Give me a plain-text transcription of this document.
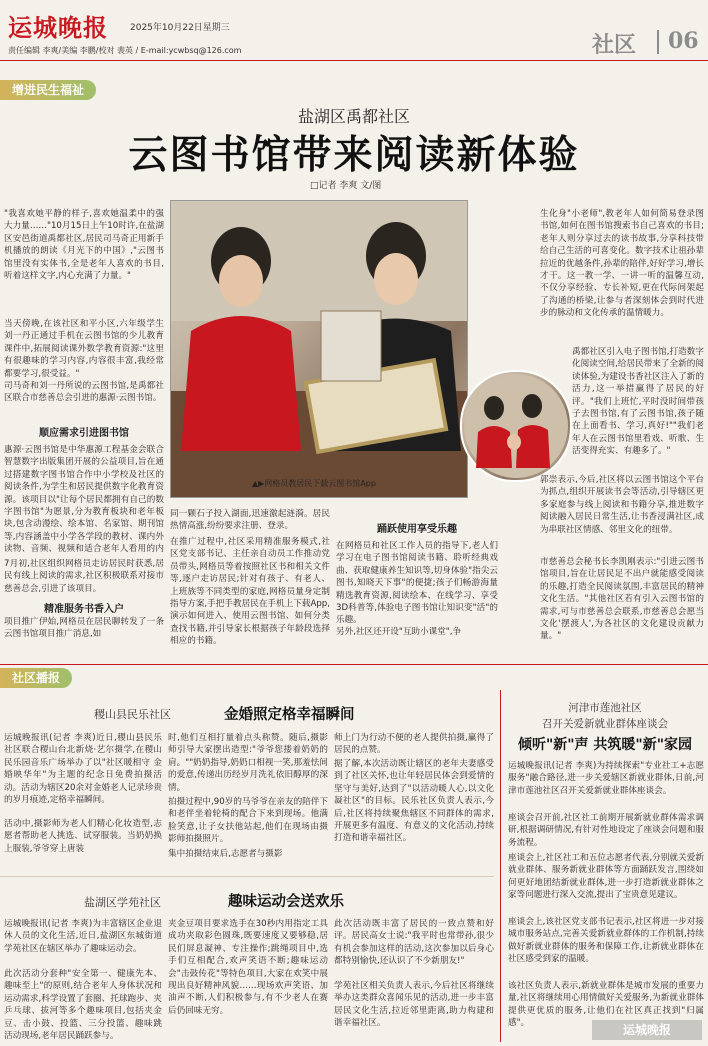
运城晚报	2025年10月22日星期三
责任编辑 李爽/美编 李鹏/校对 裴英 / E-mail:ycwbsq@126.com	社区 06
增进民生福祉
盐湖区禹都社区
云图书馆带来阅读新体验
□记者 李爽 文/图
"我喜欢她平静的样子,喜欢她温柔中的强大力量……"10月15日上午10时许,在盐湖区安邑街道禹都社区,居民司马奇正用新手机播放的朗读《月光下的中国》,"云图书馆里没有实体书,全是老年人喜欢的书目,听着这样文字,内心充满了力量。"
当天傍晚,在该社区和平小区,六年级学生刘一丹正通过手机在云图书馆的少儿教育课件中,拓展阅读课外数学教育资源:"这里有很趣味的学习内容,内容很丰富,我经常都要学习,很受益。"
司马奇和刘一丹所说的云图书馆,是禹都社区联合市慈善总会引进的惠源·云图书馆。
顺应需求引进图书馆
惠源·云图书馆是中华惠源工程基金会联合智慧数字出版集团开展的公益项目,旨在通过搭建数字图书馆合作中小学校及社区的阅读条件,为学生和居民提供数字化教育资源。该项目以"让每个居民都拥有自己的数字图书馆"为愿景,分为教育板块和老年板块,包含动漫绘、绘本馆、名家馆、期刊馆等,内容涵盖中小学各学段的教材、课内外读物、音频、视频和适合老年人看用的内
7月初,社区组织网格员走访居民时获悉,居民有线上阅读的需求,社区积极联系对接市慈善总会,引进了该项目。
精准服务书香入户
项目推广伊始,网格员在居民聊转发了一条云图书馆项目推广消息,如
▲▶网格员教居民下载云图书馆App
同一颗石子投入湖面,迅速激起涟漪。居民热情高涨,纷纷要求注册、登录。
在推广过程中,社区采用精准服务模式,社区党支部书记、主任亲自动员工作推动党员带头,网格员等着按照社区书和相关文件等,逐户走访居民;针对有孩子、有老人、上班族等不同类型的家庭,网格员量身定制指导方案,手把手教居民在手机上下载App,演示如何进入、使用云图书馆、如何分类查找书籍,并引导家长根据孩子年龄段选择相应的书籍。
踊跃使用享受乐趣
在网格员和社区工作人员的指导下,老人们学习在电子图书馆阅读书籍、聆听经典戏曲、获取健康养生知识等,切身体验"指尖云图书,知晓天下事"的便捷;孩子们畅游海量精选教育资源,阅读绘本、在线学习、享受3D科普等,体验电子图书馆让知识变"活"的乐趣。
另外,社区还开设"互助小课堂",争
生化身"小老师",教老年人如何简易登录图书馆,如何在图书馆搜索书自己喜欢的书目;老年人则分享过去的读书故事,分享科技带给自己生活的可喜变化。数字技术让祖孙辈拉近的优越条件,孙辈的陪伴,好好学习,增长才干。这一教一学、一讲一听的温馨互动,不仅分享经验、专长补短,更在代际间架起了沟通的桥梁,让参与者深刻体会到时代进步的脉动和文化传承的温情暖力。
禹都社区引入电子图书馆,打造数字化阅读空间,给居民带来了全新的阅读体验,为建设书香社区注入了新的活力,这一举措赢得了居民的好评。"我们上班忙,平时没时间带孩子去图书馆,有了云图书馆,孩子随在上面看书、学习,真好!""我们老年人在云图书馆里看戏、听歌、生活变得充实、有趣多了。"
郭崇表示,今后,社区将以云图书馆这个平台为抓点,组织开展读书会等活动,引导辖区更多家庭参与线上阅读和书籍分享,推进数字阅读融入居民日常生活,让书香浸满社区,成为串联社区情感、邻里文化的纽带。
市慈善总会秘书长李凯刚表示:"引进云图书馆项目,旨在让居民足不出户就能感受阅读的乐趣,打造全民阅读氛围,丰富居民的精神文化生活。"其他社区若有引入云图书馆的需求,可与市慈善总会联系,市慈善总会愿当文化'摆渡人',为各社区的文化建设贡献力量。"
社区播报
稷山县民乐社区	金婚照定格幸福瞬间
运城晚报讯(记者 李爽)近日,稷山县民乐社区联合稷山台北新烧·艺尔摄学,在稷山民乐园音乐广场举办了以"社区暖相守 金婚映华年"为主题的纪念日免费拍摄活动。活动为辖区20余对金婚老人记录珍贵的岁月痕迹,定格幸福瞬间。
活动中,摄影师为老人们精心化妆造型,志愿者帮助老人挑选、试穿服装。当奶奶换上服装,爷爷穿上唐装
时,他们互相打量着点头称赞。随后,摄影师引导大家摆出造型:"爷爷您搂着奶奶的肩。""奶奶指导,奶奶口相视一笑,那羞怯间的爱意,传递出历经岁月洗礼依旧醇厚的深情。
拍摄过程中,90岁的马爷爷在亲友的陪伴下和老伴坐着轮椅的配合下来到现场。他满脸笑意,让子女扶他站起,他们在现场由摄影师拍摄照片。
集中拍摄结束后,志愿者与摄影
师上门为行动不便的老人提供拍摄,赢得了居民的点赞。
据了解,本次活动既让辖区的老年夫妻感受到了社区关怀,也让年轻居民体会到爱情的坚守与美好,达到了"以活动暖人心,以文化凝社区"的目标。民乐社区负责人表示,今后,社区将持续聚焦辖区不同群体的需求,开展更多有温度、有意义的文化活动,持续打造和谐幸福社区。
河津市莲池社区
召开关爱新就业群体座谈会
倾听"新"声 共筑暖"新"家园
运城晚报讯(记者 李爽)为持续探索"专业社工+志愿服务"融合路径,进一步关爱辖区新就业群体,日前,河津市莲池社区召开关爱新就业群体座谈会。
座谈会召开前,社区社工前期开展新就业群体需求调研,根据调研情况,有针对性地设定了座谈会问题和服务流程。
座谈会上,社区社工和五位志愿者代表,分别就关爱新就业群体、服务新就业群体等方面踊跃发言,围绕如何更好地团结新就业群体,进一步打造新就业群体之家等问题进行深入交流,提出了宝贵意见建议。
座谈会上,该社区党支部书记表示,社区将进一步对接城市服务站点,完善关爱新就业群体的工作机制,持续做好新就业群体的服务和保障工作,让新就业群体在社区感受到家的温暖。
该社区负责人表示,新就业群体是城市发展的重要力量,社区将继续用心用情做好关爱服务,为新就业群体提供更优质的服务,让他们在社区真正找到"归属感"。
盐湖区学苑社区	趣味运动会送欢乐
运城晚报讯(记者 李爽)为丰富辖区企业退休人员的文化生活,近日,盐湖区东城街道学苑社区在辖区举办了趣味运动会。
此次活动分套种"安全第一、健康先本、趣味至上"的原则,结合老年人身体状况和运动需求,科学设置了套圈、托球跑步、夹乒乓球、拔河等多个趣味项目,包括夹金豆、击小鼓、投篮、三分投篮、趣味跳
活动现场,老年居民踊跃参与。
夹金豆项目要求选手在30秒内用指定工具成功夹取彩色圆珠,既要速度又要够稳,居民们屏息凝神、专注操作;跳绳项目中,选手们互相配合,欢声笑语不断;趣味运动会"击鼓传花"等特色项目,大家在欢笑中展现出良好精神风貌……现场欢声笑语、加油声不断,人们积极参与,有不少老人在赛后仍回味无穷。
此次活动既丰富了居民的一致点赞和好评。居民高女士说:"我平时也常带孙,很少有机会参加这样的活动,这次参加以后身心都特别愉快,还认识了不少新朋友!"
学苑社区相关负责人表示,今后社区将继续举办这类群众喜闻乐见的活动,进一步丰富居民文化生活,拉近邻里距离,助力构建和谐幸福社区。	运城晚报
